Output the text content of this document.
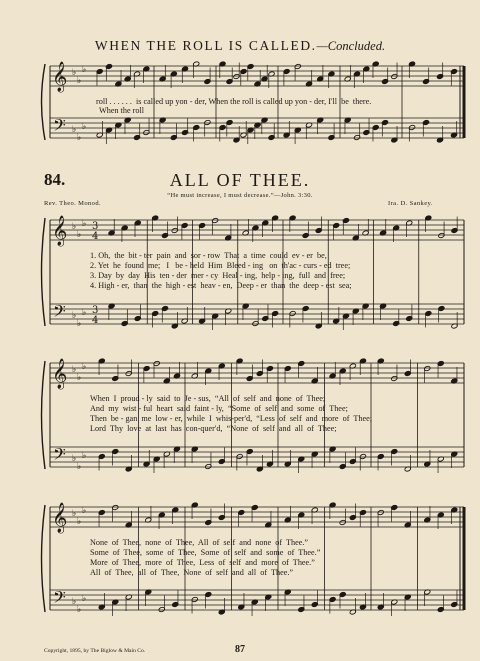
𝄞
𝄢
♭
♭
♭
♭
♭
♭
𝄞
𝄢
♭
♭
♭
♭
♭
♭
3
4
3
4
𝄞
𝄢
♭
♭
♭
♭
♭
♭
𝄞
𝄢
♭
♭
♭
♭
♭
♭
WHEN THE ROLL IS CALLED.—Concluded.
roll . . . . . .  is called up yon - der, When the roll is called up yon - der, I'll  be  there.
When the roll
84.	ALL OF THEE.
“He must increase, I must decrease.”—John. 3:30.
Rev. Theo. Monod.	Ira. D. Sankey.
1. Oh,  the  bit - ter  pain  and  sor - row  That  a  time  could  ev - er  be,
2. Yet  he  found  me;   I   be - held  Him  Bleed - ing   on  th'ac - curs - ed  tree;
3. Day  by  day  His  ten - der  mer - cy  Heal - ing,  help - ing,  full  and  free;
4. High - er,  than  the  high - est  heav - en,  Deep - er  than  the  deep - est  sea;
When  I  proud - ly  said  to  Je - sus,  “All  of  self  and  none  of  Thee;
And  my  wist - ful  heart  said  faint - ly,  “Some  of  self  and  some  of  Thee;
Then  be - gan  me  low - er,  while  I  whis-per'd,  “Less  of  self  and  more  of  Thee;
Lord  Thy  love  at  last  has  con-quer'd,  “None  of  self  and  all  of  Thee;
None  of  Thee,  none  of  Thee,  All  of  self  and  none  of  Thee.”
Some  of  Thee,  some  of  Thee,  Some  of  self  and  some  of  Thee.”
More  of  Thee,  more  of  Thee,  Less  of  self  and  more  of  Thee.”
All  of  Thee,  all  of  Thee,  None  of  self  and  all  of  Thee.”
Copyright, 1895, by The Biglow & Main Co.	87
